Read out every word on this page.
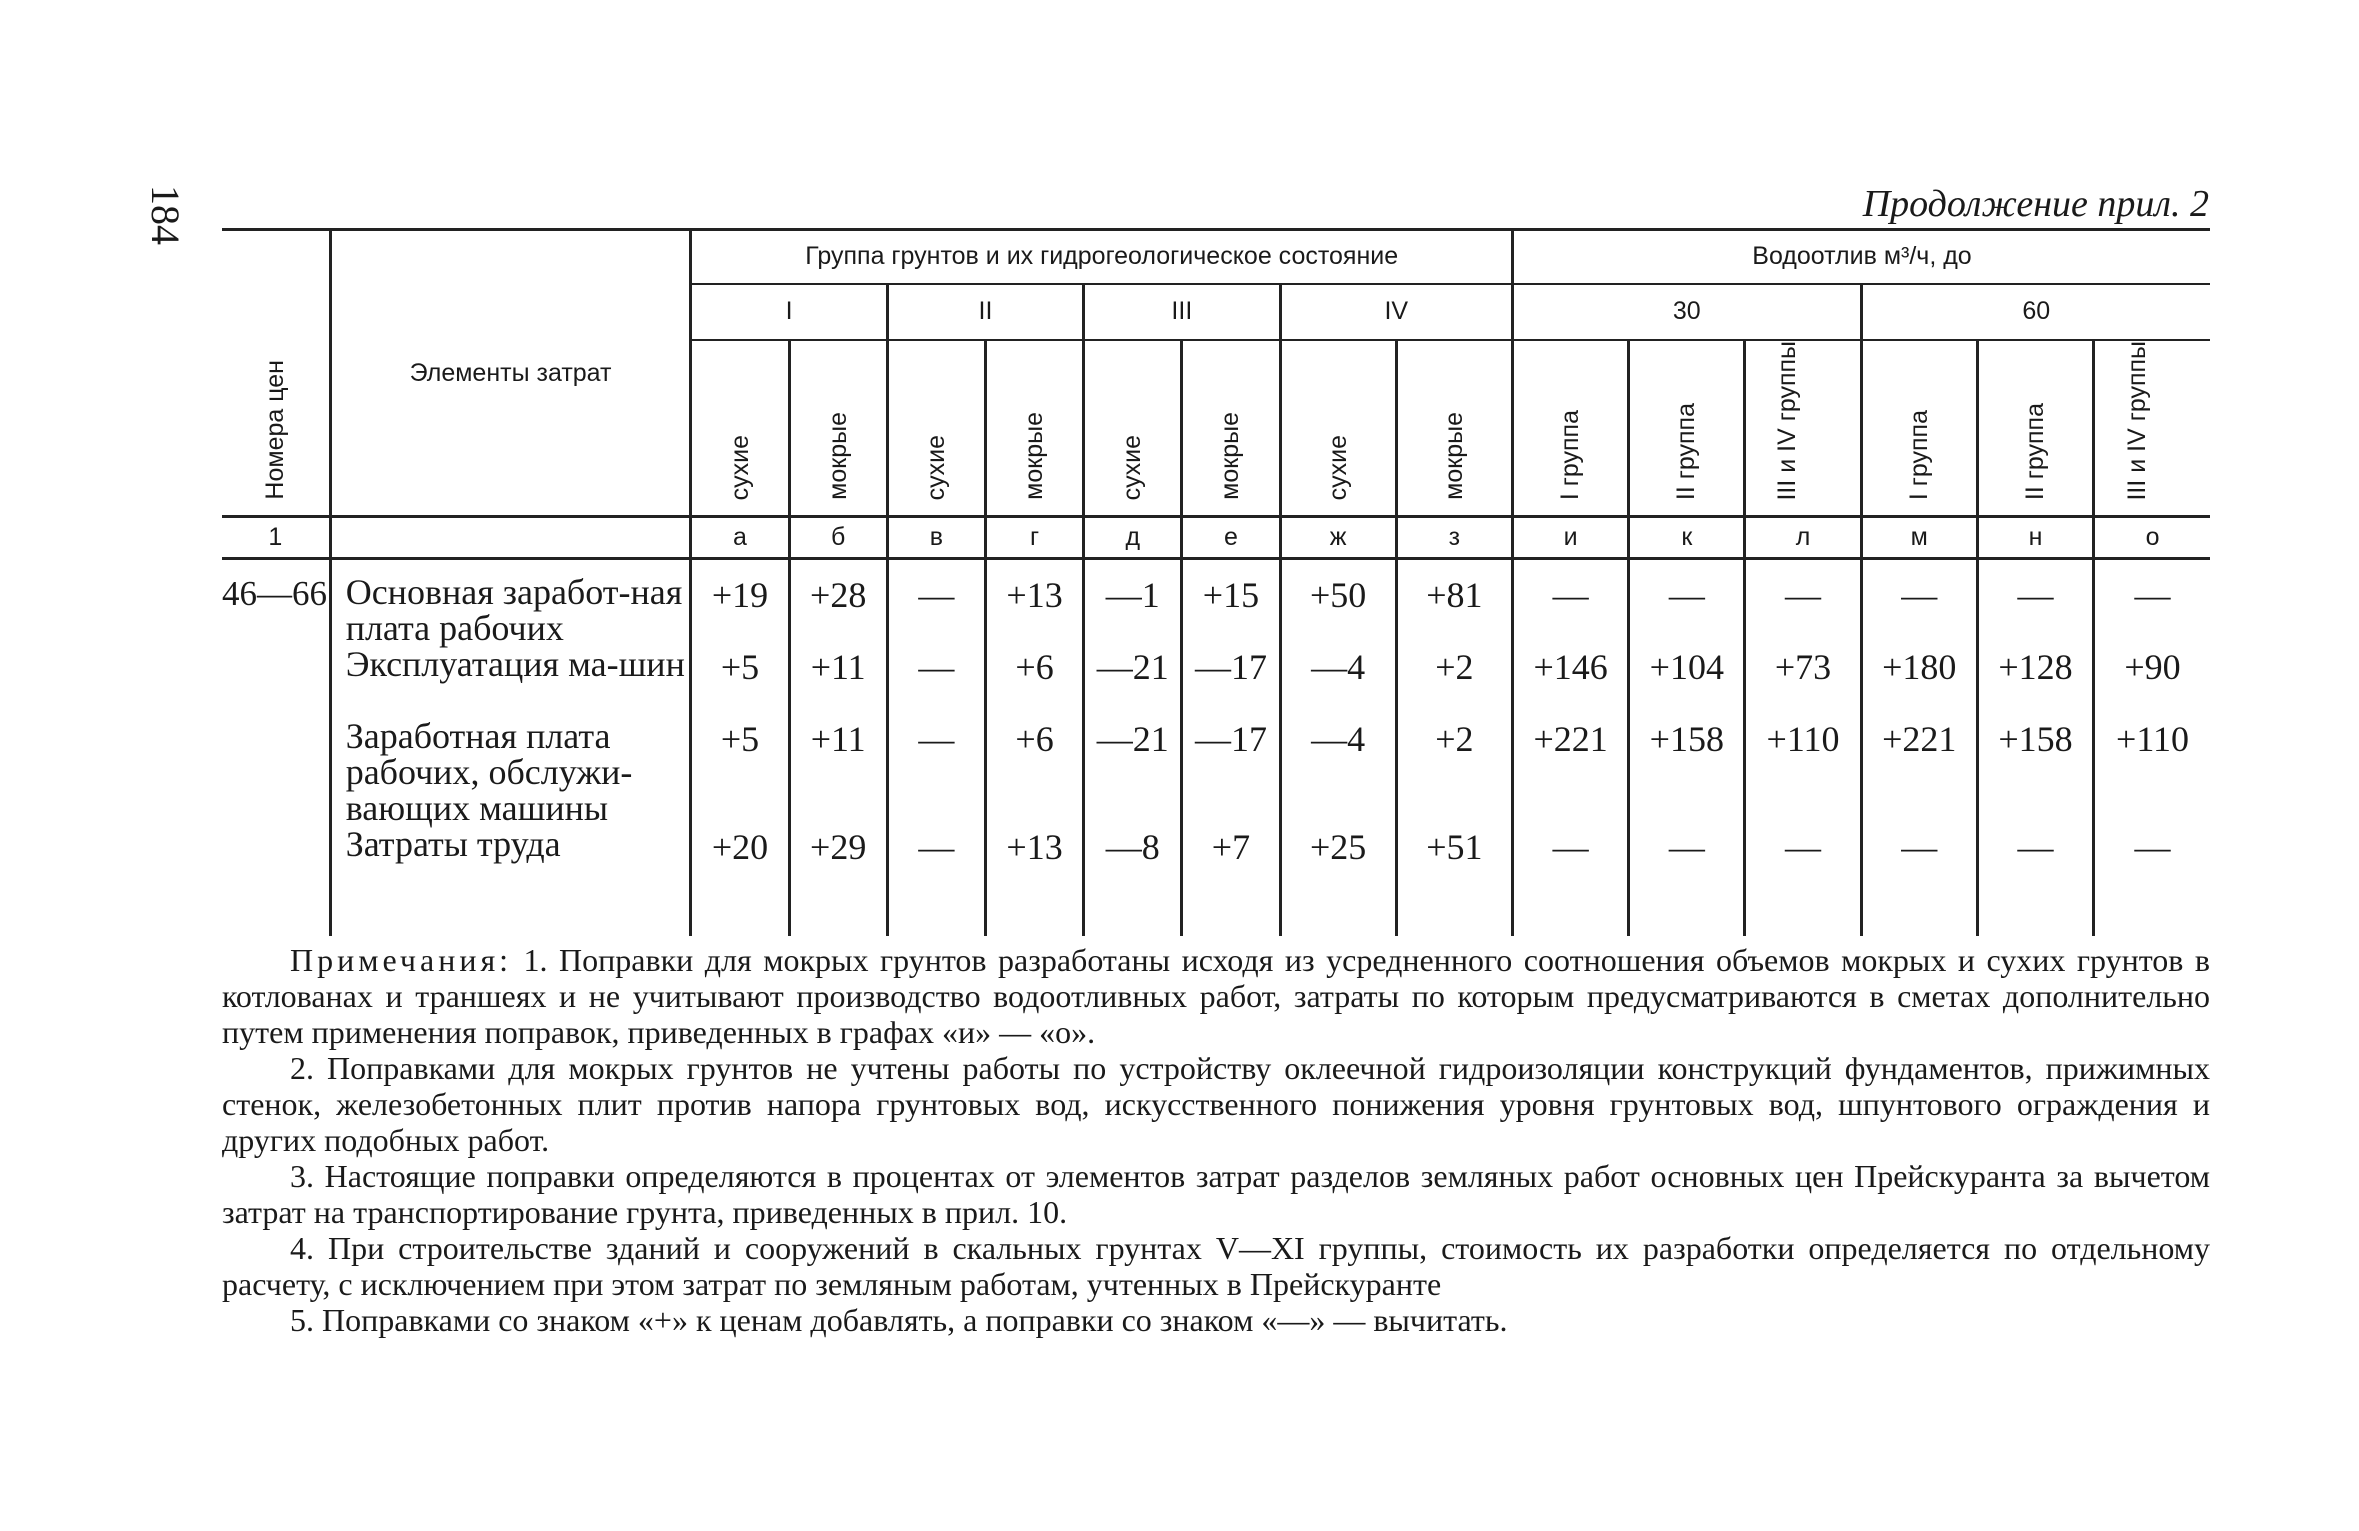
184	Продолжение прил. 2
Номера цен	Элементы затрат	Группа грунтов и их гидрогеологическое состояние								Водоотлив м³/ч, до					
		I		II		III		IV		30			60		
		сухие	мокрые	сухие	мокрые	сухие	мокрые	сухие	мокрые	I группа	II группа	III и IV группы	I группа	II группа	III и IV группы
1		а	б	в	г	д	е	ж	з	и	к	л	м	н	о
46—66	Основная заработ-ная плата рабочих	+19	+28	—	+13	—1	+15	+50	+81	—	—	—	—	—	—
	Эксплуатация ма-шин	+5	+11	—	+6	—21	—17	—4	+2	+146	+104	+73	+180	+128	+90
	Заработная плата рабочих, обслужи-вающих машины	+5	+11	—	+6	—21	—17	—4	+2	+221	+158	+110	+221	+158	+110
	Затраты труда	+20	+29	—	+13	—8	+7	+25	+51	—	—	—	—	—	—

Примечания: 1. Поправки для мокрых грунтов разработаны исходя из усредненного соотношения объемов мокрых и сухих грунтов в котлованах и траншеях и не учитывают производство водоотливных работ, затраты по которым предусматриваются в сметах дополнительно путем применения поправок, приведенных в графах «и» — «о».

2. Поправками для мокрых грунтов не учтены работы по устройству оклеечной гидроизоляции конструкций фундаментов, прижимных стенок, железобетонных плит против напора грунтовых вод, искусственного понижения уровня грунтовых вод, шпунтового ограждения и других подобных работ.

3. Настоящие поправки определяются в процентах от элементов затрат разделов земляных работ основных цен Прейскуранта за вычетом затрат на транспортирование грунта, приведенных в прил. 10.

4. При строительстве зданий и сооружений в скальных грунтах V—XI группы, стоимость их разработки определяется по отдельному расчету, с исключением при этом затрат по земляным работам, учтенных в Прейскуранте

5. Поправками со знаком «+» к ценам добавлять, а поправки со знаком «—» — вычитать.
